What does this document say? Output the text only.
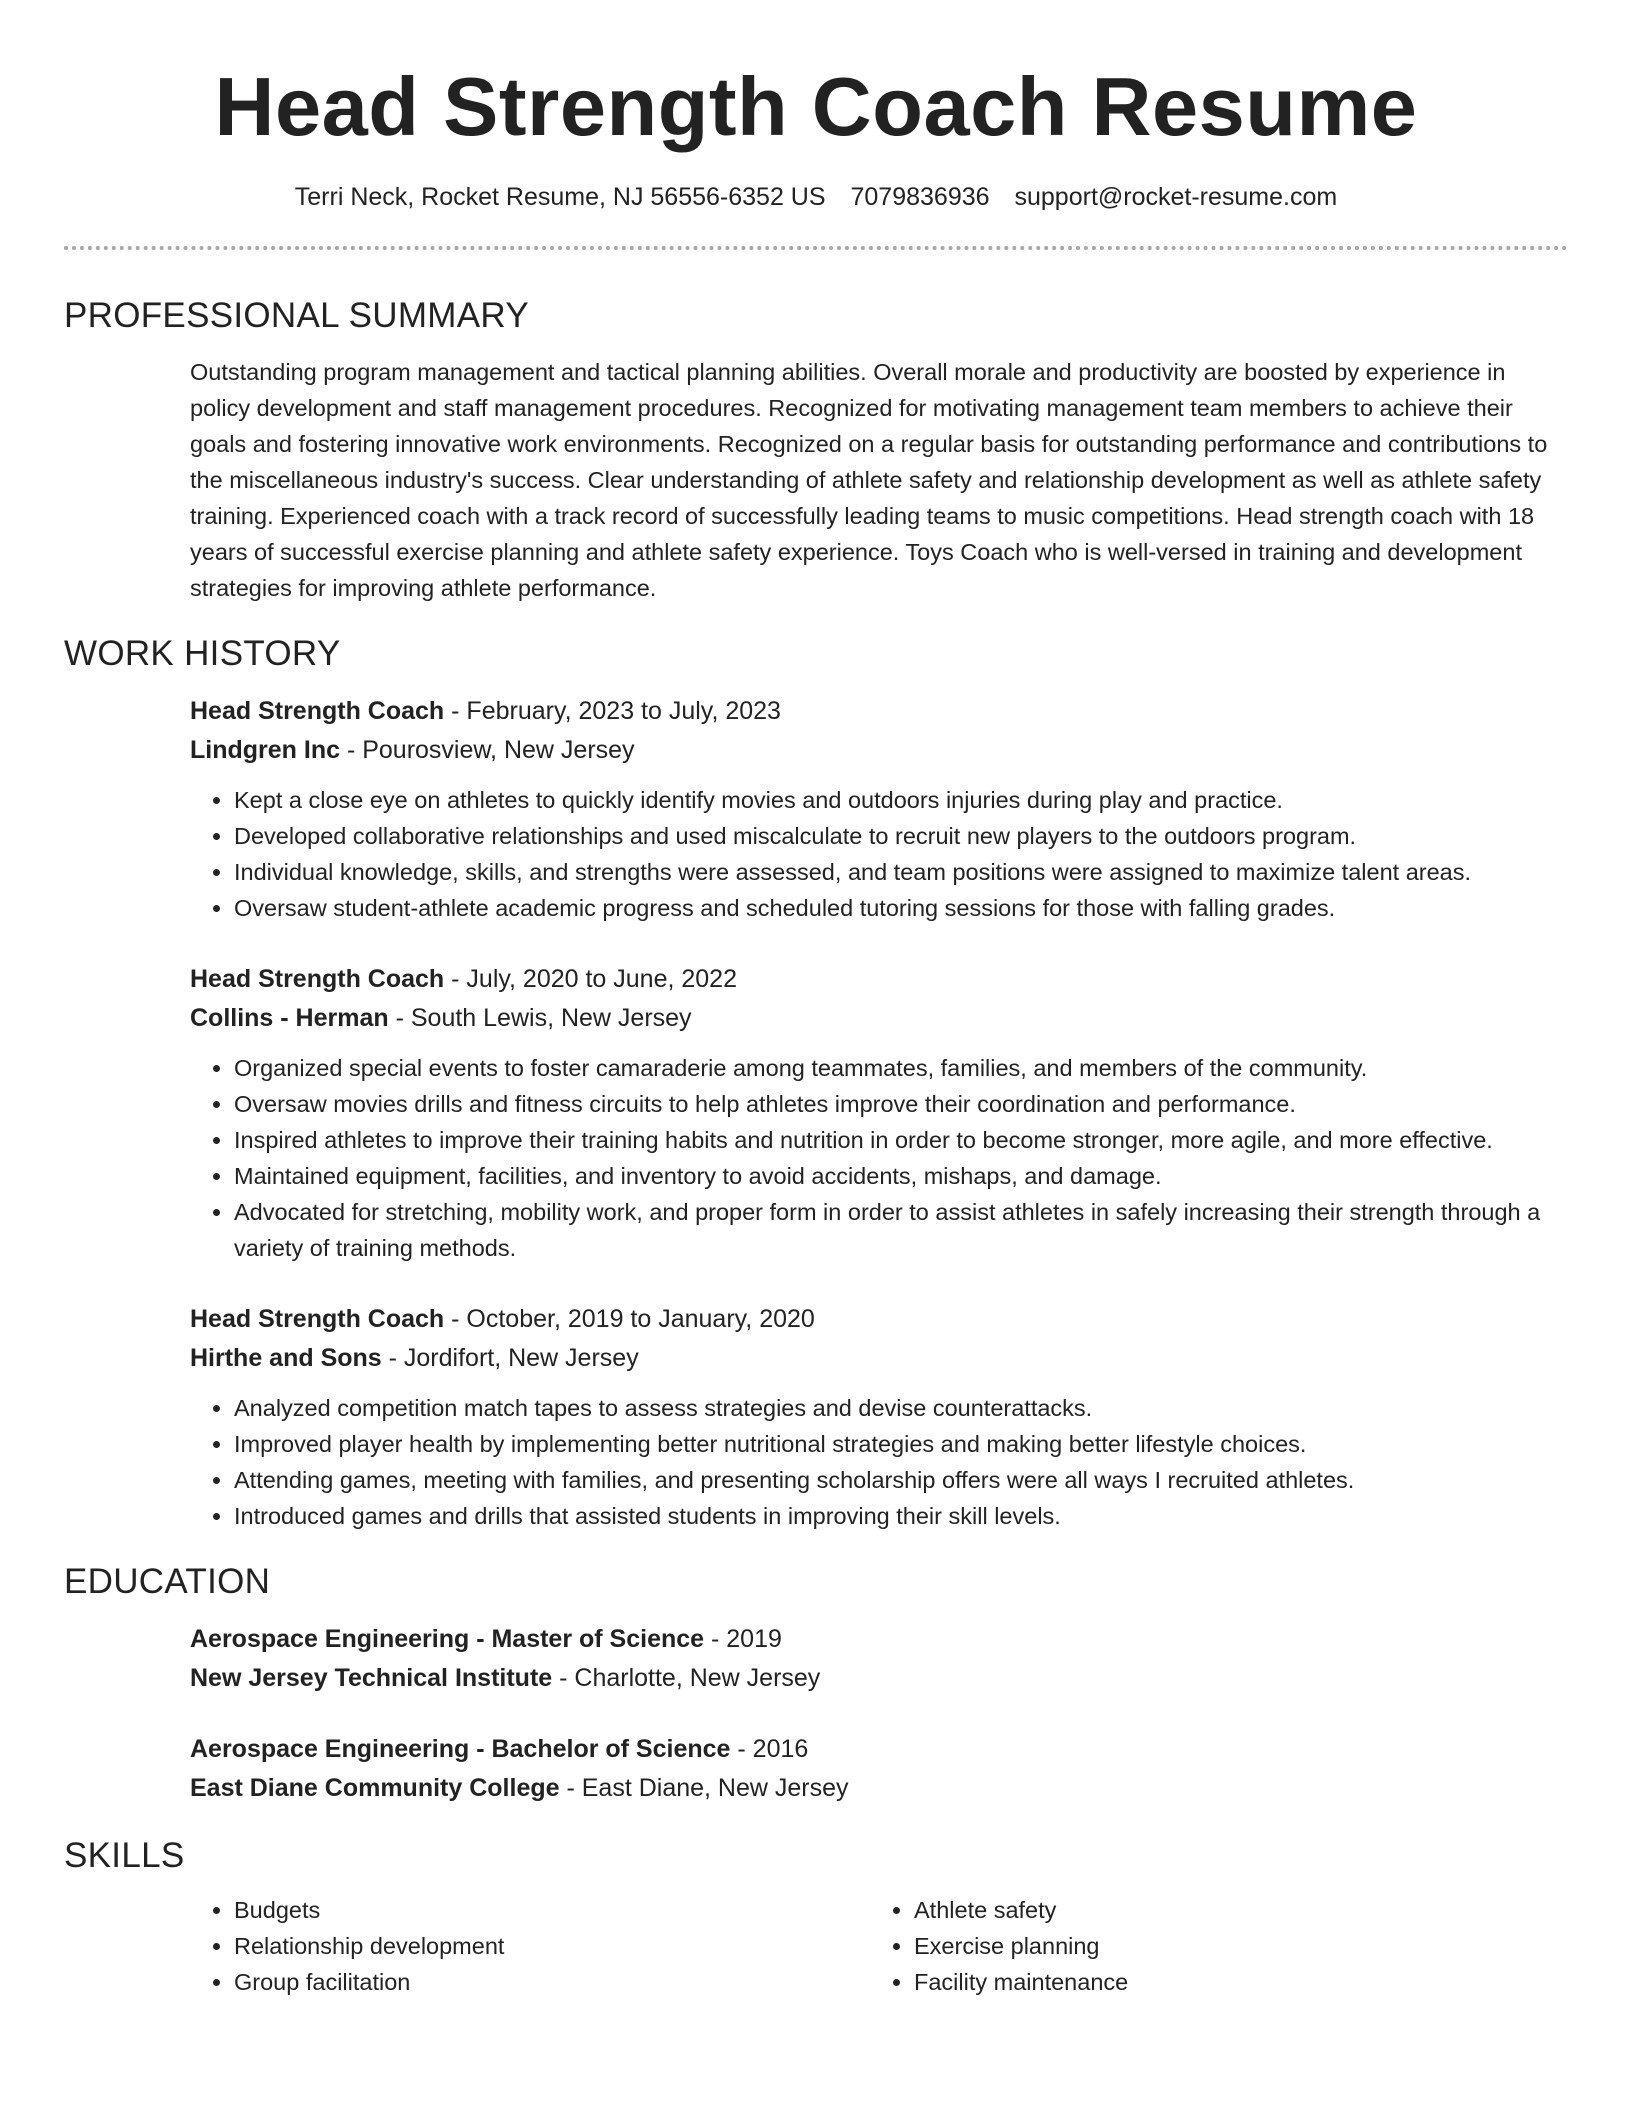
Head Strength Coach Resume
Terri Neck, Rocket Resume, NJ 56556-6352 US 7079836936 support@rocket-resume.com
PROFESSIONAL SUMMARY
Outstanding program management and tactical planning abilities. Overall morale and productivity are boosted by experience in policy development and staff management procedures. Recognized for motivating management team members to achieve their goals and fostering innovative work environments. Recognized on a regular basis for outstanding performance and contributions to the miscellaneous industry's success. Clear understanding of athlete safety and relationship development as well as athlete safety training. Experienced coach with a track record of successfully leading teams to music competitions. Head strength coach with 18 years of successful exercise planning and athlete safety experience. Toys Coach who is well-versed in training and development strategies for improving athlete performance.
WORK HISTORY
Head Strength Coach - February, 2023 to July, 2023
Lindgren Inc - Pourosview, New Jersey
• Kept a close eye on athletes to quickly identify movies and outdoors injuries during play and practice.
• Developed collaborative relationships and used miscalculate to recruit new players to the outdoors program.
• Individual knowledge, skills, and strengths were assessed, and team positions were assigned to maximize talent areas.
• Oversaw student-athlete academic progress and scheduled tutoring sessions for those with falling grades.
Head Strength Coach - July, 2020 to June, 2022
Collins - Herman - South Lewis, New Jersey
• Organized special events to foster camaraderie among teammates, families, and members of the community.
• Oversaw movies drills and fitness circuits to help athletes improve their coordination and performance.
• Inspired athletes to improve their training habits and nutrition in order to become stronger, more agile, and more effective.
• Maintained equipment, facilities, and inventory to avoid accidents, mishaps, and damage.
• Advocated for stretching, mobility work, and proper form in order to assist athletes in safely increasing their strength through a variety of training methods.
Head Strength Coach - October, 2019 to January, 2020
Hirthe and Sons - Jordifort, New Jersey
• Analyzed competition match tapes to assess strategies and devise counterattacks.
• Improved player health by implementing better nutritional strategies and making better lifestyle choices.
• Attending games, meeting with families, and presenting scholarship offers were all ways I recruited athletes.
• Introduced games and drills that assisted students in improving their skill levels.
EDUCATION
Aerospace Engineering - Master of Science - 2019
New Jersey Technical Institute - Charlotte, New Jersey
Aerospace Engineering - Bachelor of Science - 2016
East Diane Community College - East Diane, New Jersey
SKILLS
• Budgets
• Relationship development
• Group facilitation
• Athlete safety
• Exercise planning
• Facility maintenance
